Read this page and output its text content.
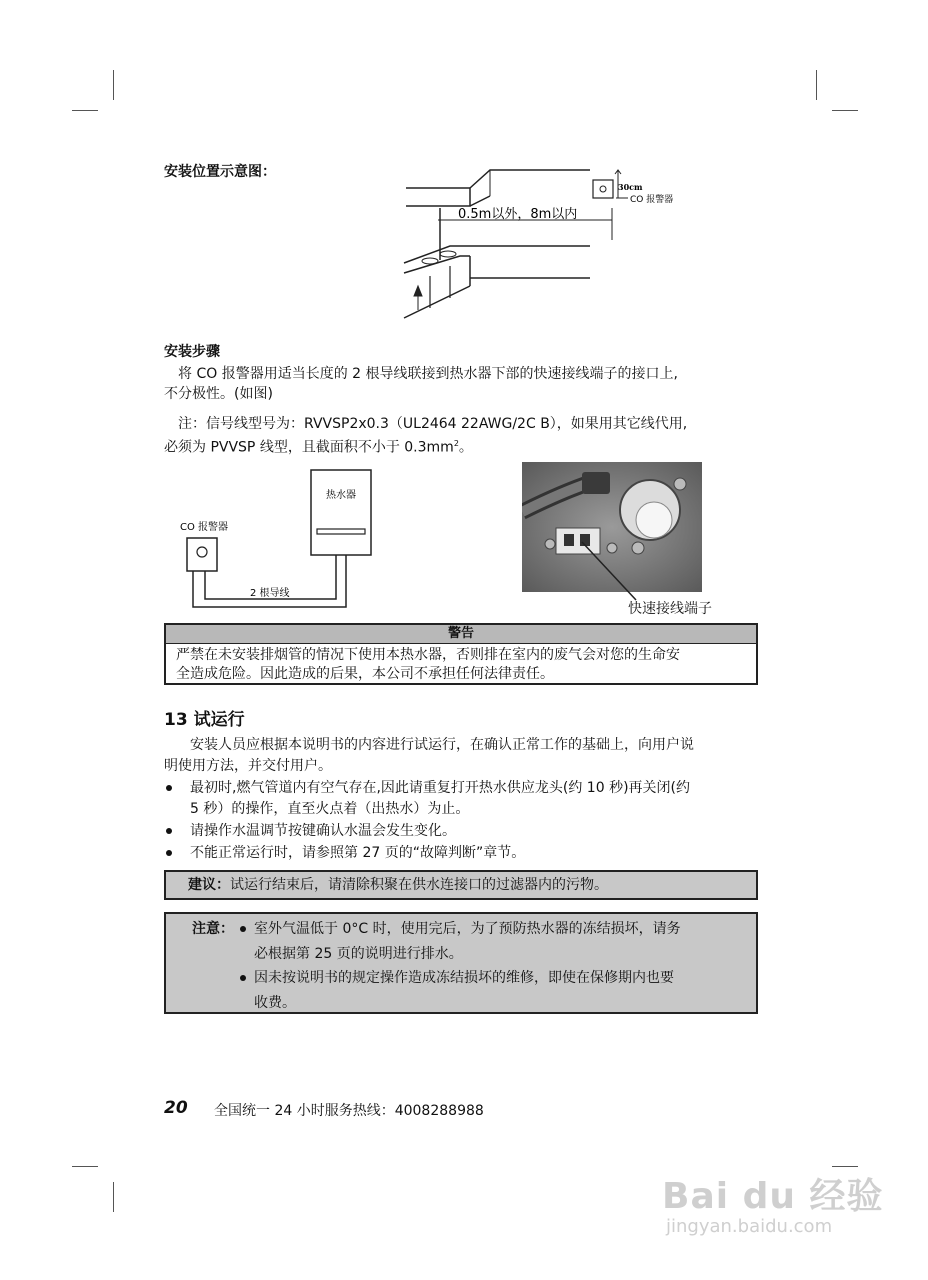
安装位置示意图：
0.5m以外，8m以内
30cm
CO 报警器
安装步骤
将 CO 报警器用适当长度的 2 根导线联接到热水器下部的快速接线端子的接口上,
不分极性。(如图)
注：信号线型号为：RVVSP2x0.3（UL2464 22AWG/2C B），如果用其它线代用,
必须为 PVVSP 线型，且截面积不小于 $0.3mm^2$。
CO 报警器
热水器
2 根导线
快速接线端子
警告
严禁在未安装排烟管的情况下使用本热水器，否则排在室内的废气会对您的生命安
全造成危险。因此造成的后果，本公司不承担任何法律责任。
13 试运行
安装人员应根据本说明书的内容进行试运行，在确认正常工作的基础上，向用户说
明使用方法，并交付用户。
最初时,燃气管道内有空气存在,因此请重复打开热水供应龙头(约 10 秒)再关闭(约
5 秒）的操作，直至火点着（出热水）为止。
请操作水温调节按键确认水温会发生变化。
不能正常运行时，请参照第 27 页的“故障判断”章节。
建议：试运行结束后，请清除积聚在供水连接口的过滤器内的污物。
注意： 室外气温低于 0°C 时，使用完后，为了预防热水器的冻结损坏，请务
必根据第 25 页的说明进行排水。
因未按说明书的规定操作造成冻结损坏的维修，即使在保修期内也要
收费。
20 全国统一 24 小时服务热线：4008288988
Bai du 经验
jingyan.baidu.com
